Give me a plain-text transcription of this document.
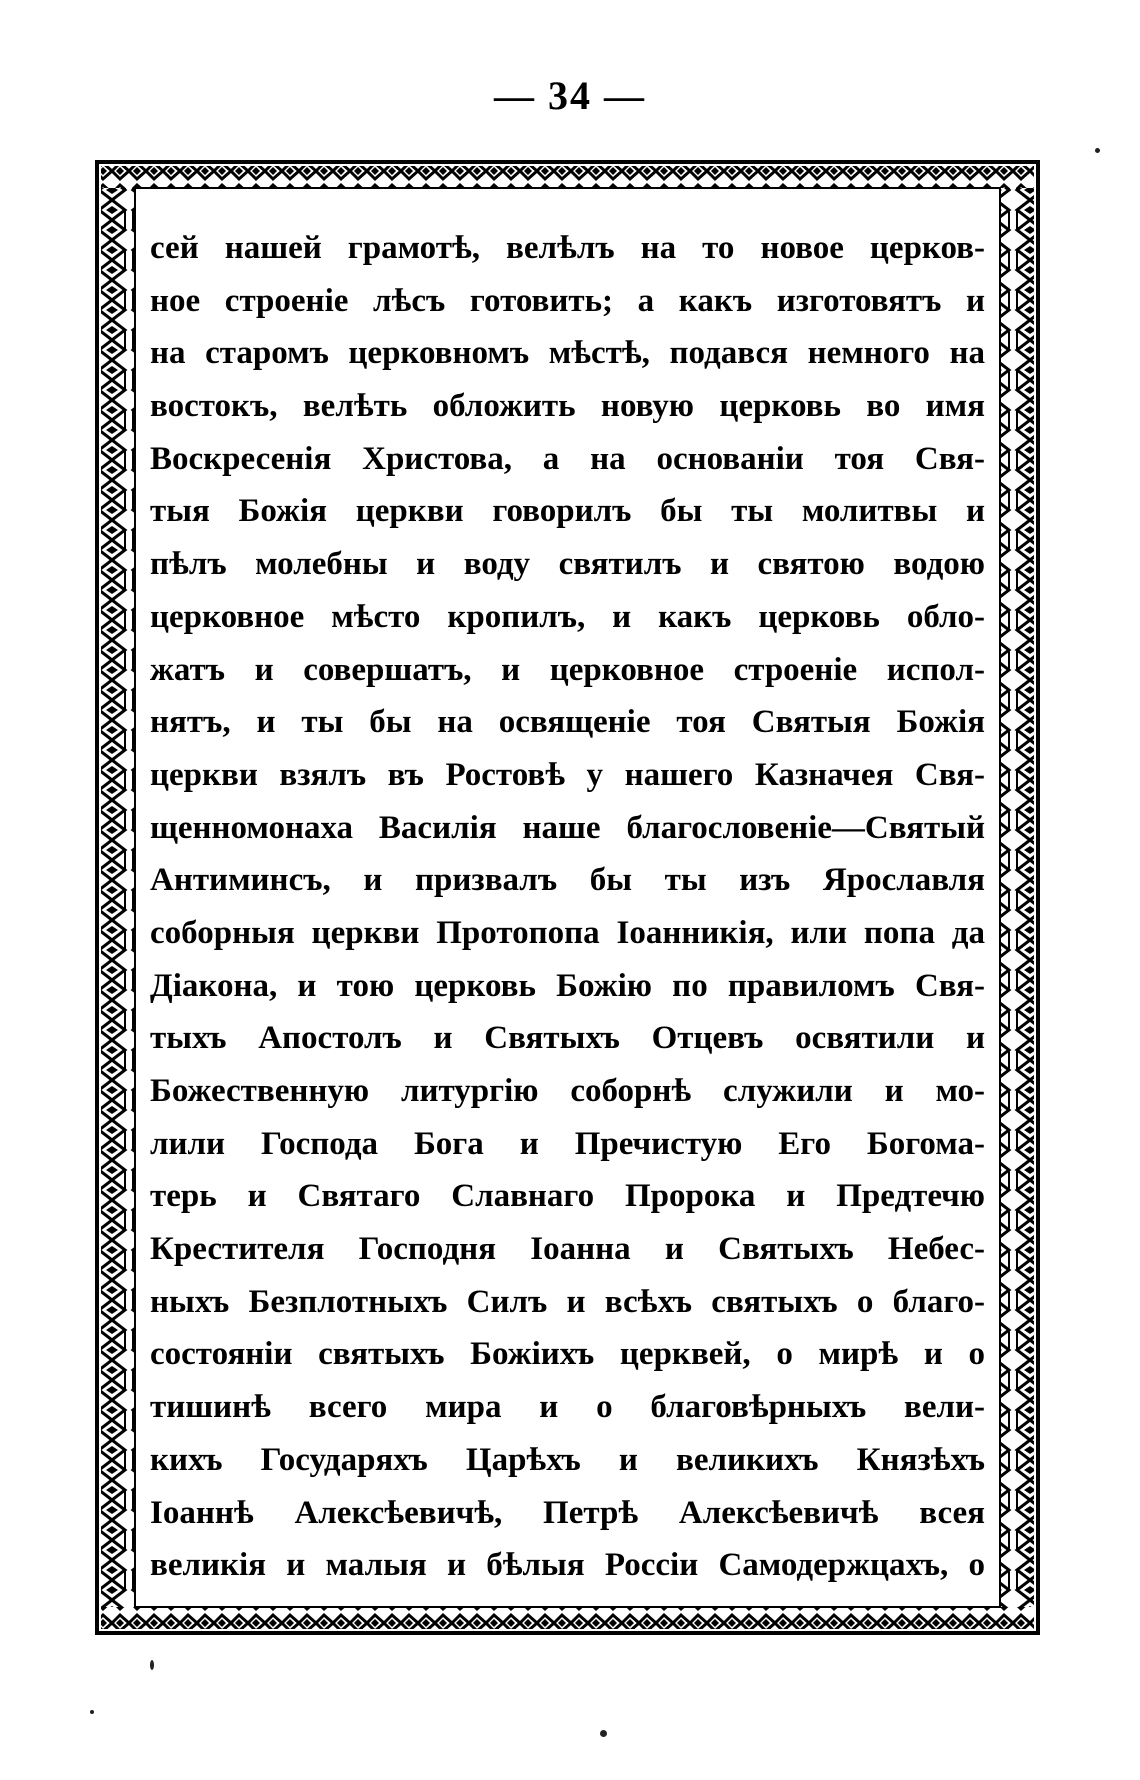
— 34 —
сей нашей грамотѣ, велѣлъ на то новое церков-
ное строеніе лѣсъ готовить; а какъ изготовятъ и
на старомъ церковномъ мѣстѣ, подався немного на
востокъ, велѣть обложить новую церковь во имя
Воскресенія Христова, а на основаніи тоя Свя-
тыя Божія церкви говорилъ бы ты молитвы и
пѣлъ молебны и воду святилъ и святою водою
церковное мѣсто кропилъ, и какъ церковь обло-
жатъ и совершатъ, и церковное строеніе испол-
нятъ, и ты бы на освященіе тоя Святыя Божія
церкви взялъ въ Ростовѣ у нашего Казначея Свя-
щенномонаха Василія наше благословеніе—Святый
Антиминсъ, и призвалъ бы ты изъ Ярославля
соборныя церкви Протопопа Іоанникія, или попа да
Діакона, и тою церковь Божію по правиломъ Свя-
тыхъ Апостолъ и Святыхъ Отцевъ освятили и
Божественную литургію соборнѣ служили и мо-
лили Господа Бога и Пречистую Его Богома-
терь и Святаго Славнаго Пророка и Предтечю
Крестителя Господня Іоанна и Святыхъ Небес-
ныхъ Безплотныхъ Силъ и всѣхъ святыхъ о благо-
состояніи святыхъ Божіихъ церквей, о мирѣ и о
тишинѣ всего мира и о благовѣрныхъ вели-
кихъ Государяхъ Царѣхъ и великихъ Князѣхъ
Іоаннѣ Алексѣевичѣ, Петрѣ Алексѣевичѣ всея
великія и малыя и бѣлыя Россіи Самодержцахъ, о
